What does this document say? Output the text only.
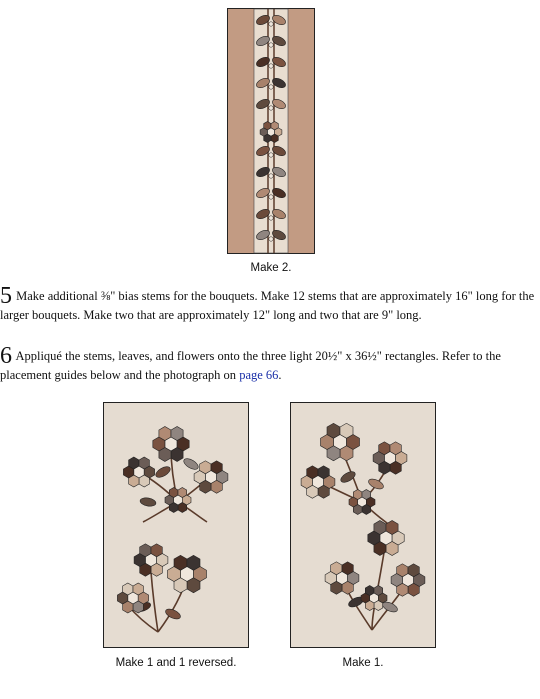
Make 2.
5 Make additional ⅜" bias stems for the bouquets. Make 12 stems that are approximately 16" long for the larger bouquets. Make two that are approximately 12" long and two that are 9" long.
6 Appliqué the stems, leaves, and flowers onto the three light 20½" x 36½" rectangles. Refer to the placement guides below and the photograph on page 66.
Make 1 and 1 reversed.	Make 1.
